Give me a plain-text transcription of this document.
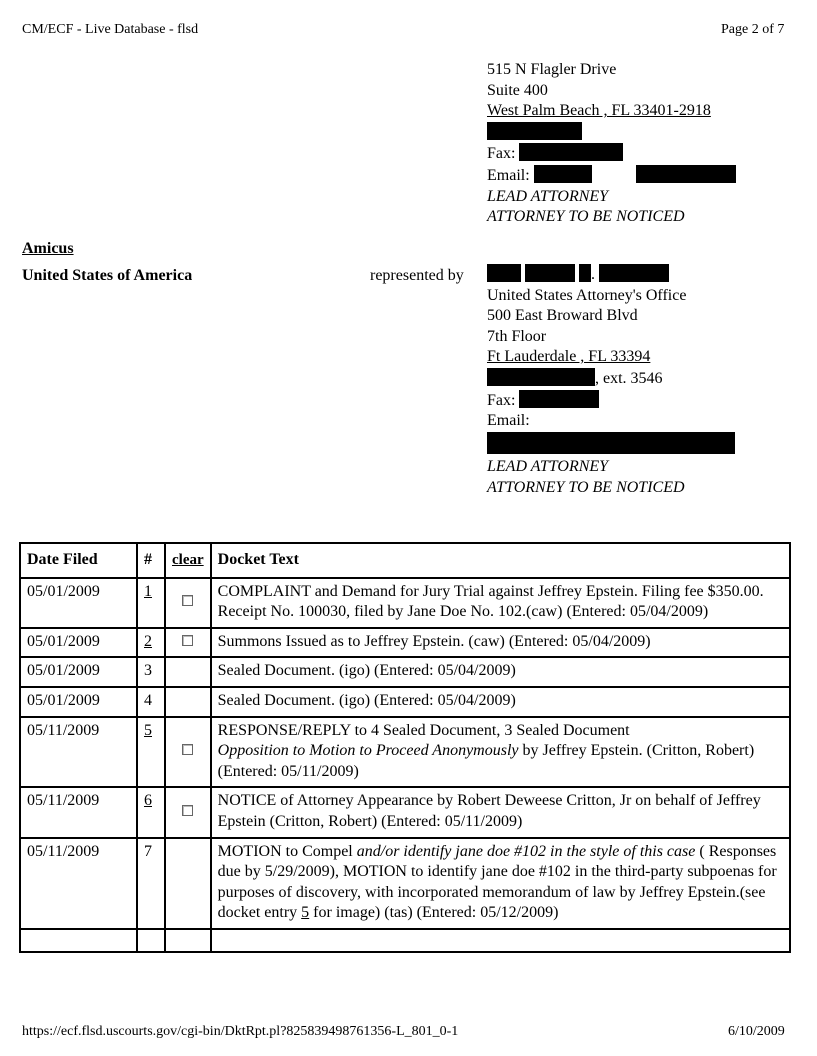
CM/ECF - Live Database - flsd	Page 2 of 7
515 N Flagler Drive
Suite 400
West Palm Beach , FL 33401-2918
Fax:
Email:
LEAD ATTORNEY
ATTORNEY TO BE NOTICED
Amicus
United States of America	represented by	.
United States Attorney's Office
500 East Broward Blvd
7th Floor
Ft Lauderdale , FL 33394
, ext. 3546
Fax:
Email:
LEAD ATTORNEY
ATTORNEY TO BE NOTICED
Date Filed	#	clear	Docket Text
05/01/2009	1		COMPLAINT and Demand for Jury Trial against Jeffrey Epstein. Filing fee $350.00. Receipt No. 100030, filed by Jane Doe No. 102.(caw) (Entered: 05/04/2009)
05/01/2009	2		Summons Issued as to Jeffrey Epstein. (caw) (Entered: 05/04/2009)
05/01/2009	3		Sealed Document. (igo) (Entered: 05/04/2009)
05/01/2009	4		Sealed Document. (igo) (Entered: 05/04/2009)
05/11/2009	5		RESPONSE/REPLY to 4 Sealed Document, 3 Sealed Document
Opposition to Motion to Proceed Anonymously by Jeffrey Epstein. (Critton, Robert) (Entered: 05/11/2009)
05/11/2009	6		NOTICE of Attorney Appearance by Robert Deweese Critton, Jr on behalf of Jeffrey Epstein (Critton, Robert) (Entered: 05/11/2009)
05/11/2009	7		MOTION to Compel and/or identify jane doe #102 in the style of this case ( Responses due by 5/29/2009), MOTION to identify jane doe #102 in the third-party subpoenas for purposes of discovery, with incorporated memorandum of law by Jeffrey Epstein.(see docket entry 5 for image) (tas) (Entered: 05/12/2009)

https://ecf.flsd.uscourts.gov/cgi-bin/DktRpt.pl?825839498761356-L_801_0-1	6/10/2009
